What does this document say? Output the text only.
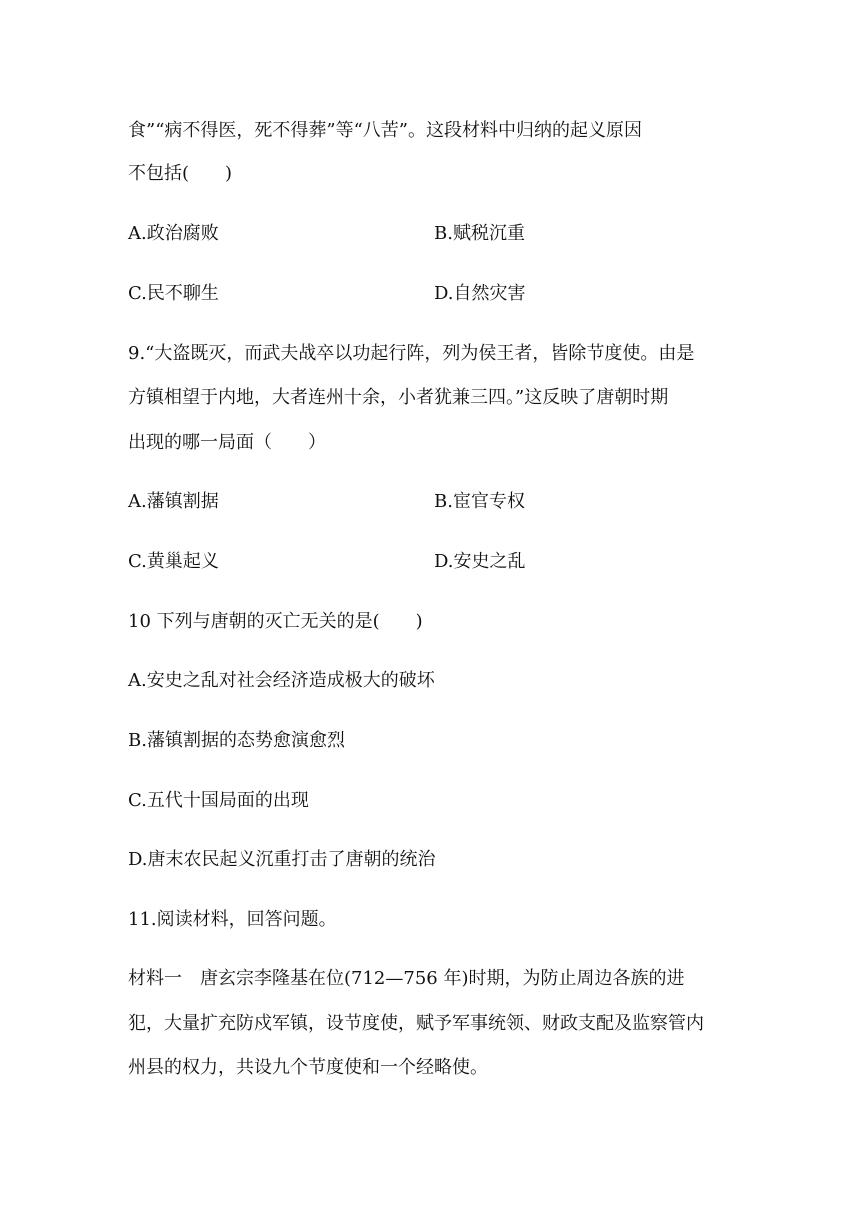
食”“病不得医，死不得葬”等“八苦”。这段材料中归纳的起义原因
不包括(　　)
A.政治腐败	B.赋税沉重
C.民不聊生	D.自然灾害
9.“大盗既灭，而武夫战卒以功起行阵，列为侯王者，皆除节度使。由是
方镇相望于内地，大者连州十余，小者犹兼三四。”这反映了唐朝时期
出现的哪一局面（　　）
A.藩镇割据	B.宦官专权
C.黄巢起义	D.安史之乱
10 下列与唐朝的灭亡无关的是(　　)
A.安史之乱对社会经济造成极大的破坏
B.藩镇割据的态势愈演愈烈
C.五代十国局面的出现
D.唐末农民起义沉重打击了唐朝的统治
11.阅读材料，回答问题。
材料一　唐玄宗李隆基在位(712—756 年)时期，为防止周边各族的进
犯，大量扩充防戍军镇，设节度使，赋予军事统领、财政支配及监察管内
州县的权力，共设九个节度使和一个经略使。
